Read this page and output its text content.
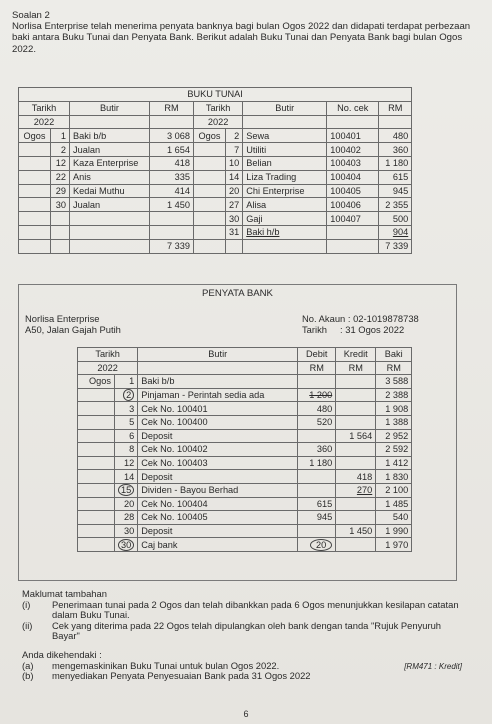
Soalan 2

Norlisa Enterprise telah menerima penyata banknya bagi bulan Ogos 2022 dan didapati terdapat perbezaan baki antara Buku Tunai dan Penyata Bank. Berikut adalah Buku Tunai dan Penyata Bank bagi bulan Ogos 2022.

BUKU TUNAI								
Tarikh		Butir	RM	Tarikh		Butir	No. cek	RM
2022				2022				
Ogos	1	Baki b/b	3 068	Ogos	2	Sewa	100401	480
	2	Jualan	1 654		7	Utiliti	100402	360
	12	Kaza Enterprise	418		10	Belian	100403	1 180
	22	Anis	335		14	Liza Trading	100404	615
	29	Kedai Muthu	414		20	Chi Enterprise	100405	945
	30	Jualan	1 450		27	Alisa	100406	2 355
					30	Gaji	100407	500
					31	Baki h/b		904
			7 339					7 339
PENYATA BANK
Norlisa Enterprise
A50, Jalan Gajah Putih
No. Akaun : 02-1019878738
Tarikh : 31 Ogos 2022
Tarikh		Butir	Debit	Kredit	Baki
2022			RM	RM	RM
Ogos	1	Baki b/b			3 588
	2	Pinjaman - Perintah sedia ada	1 200		2 388
	3	Cek No. 100401	480		1 908
	5	Cek No. 100400	520		1 388
	6	Deposit		1 564	2 952
	8	Cek No. 100402	360		2 592
	12	Cek No. 100403	1 180		1 412
	14	Deposit		418	1 830
	15	Dividen - Bayou Berhad		270	2 100
	20	Cek No. 100404	615		1 485
	28	Cek No. 100405	945		540
	30	Deposit		1 450	1 990
	30	Caj bank	20		1 970

Maklumat tambahan

(i)	Penerimaan tunai pada 2 Ogos dan telah dibankkan pada 6 Ogos menunjukkan kesilapan catatan dalam Buku Tunai.
(ii)	Cek yang diterima pada 22 Ogos telah dipulangkan oleh bank dengan tanda "Rujuk Penyuruh Bayar"

Anda dikehendaki :

(a)	mengemaskinikan Buku Tunai untuk bulan Ogos 2022.	[RM471 : Kredit]
(b)	menyediakan Penyata Penyesuaian Bank pada 31 Ogos 2022
6
